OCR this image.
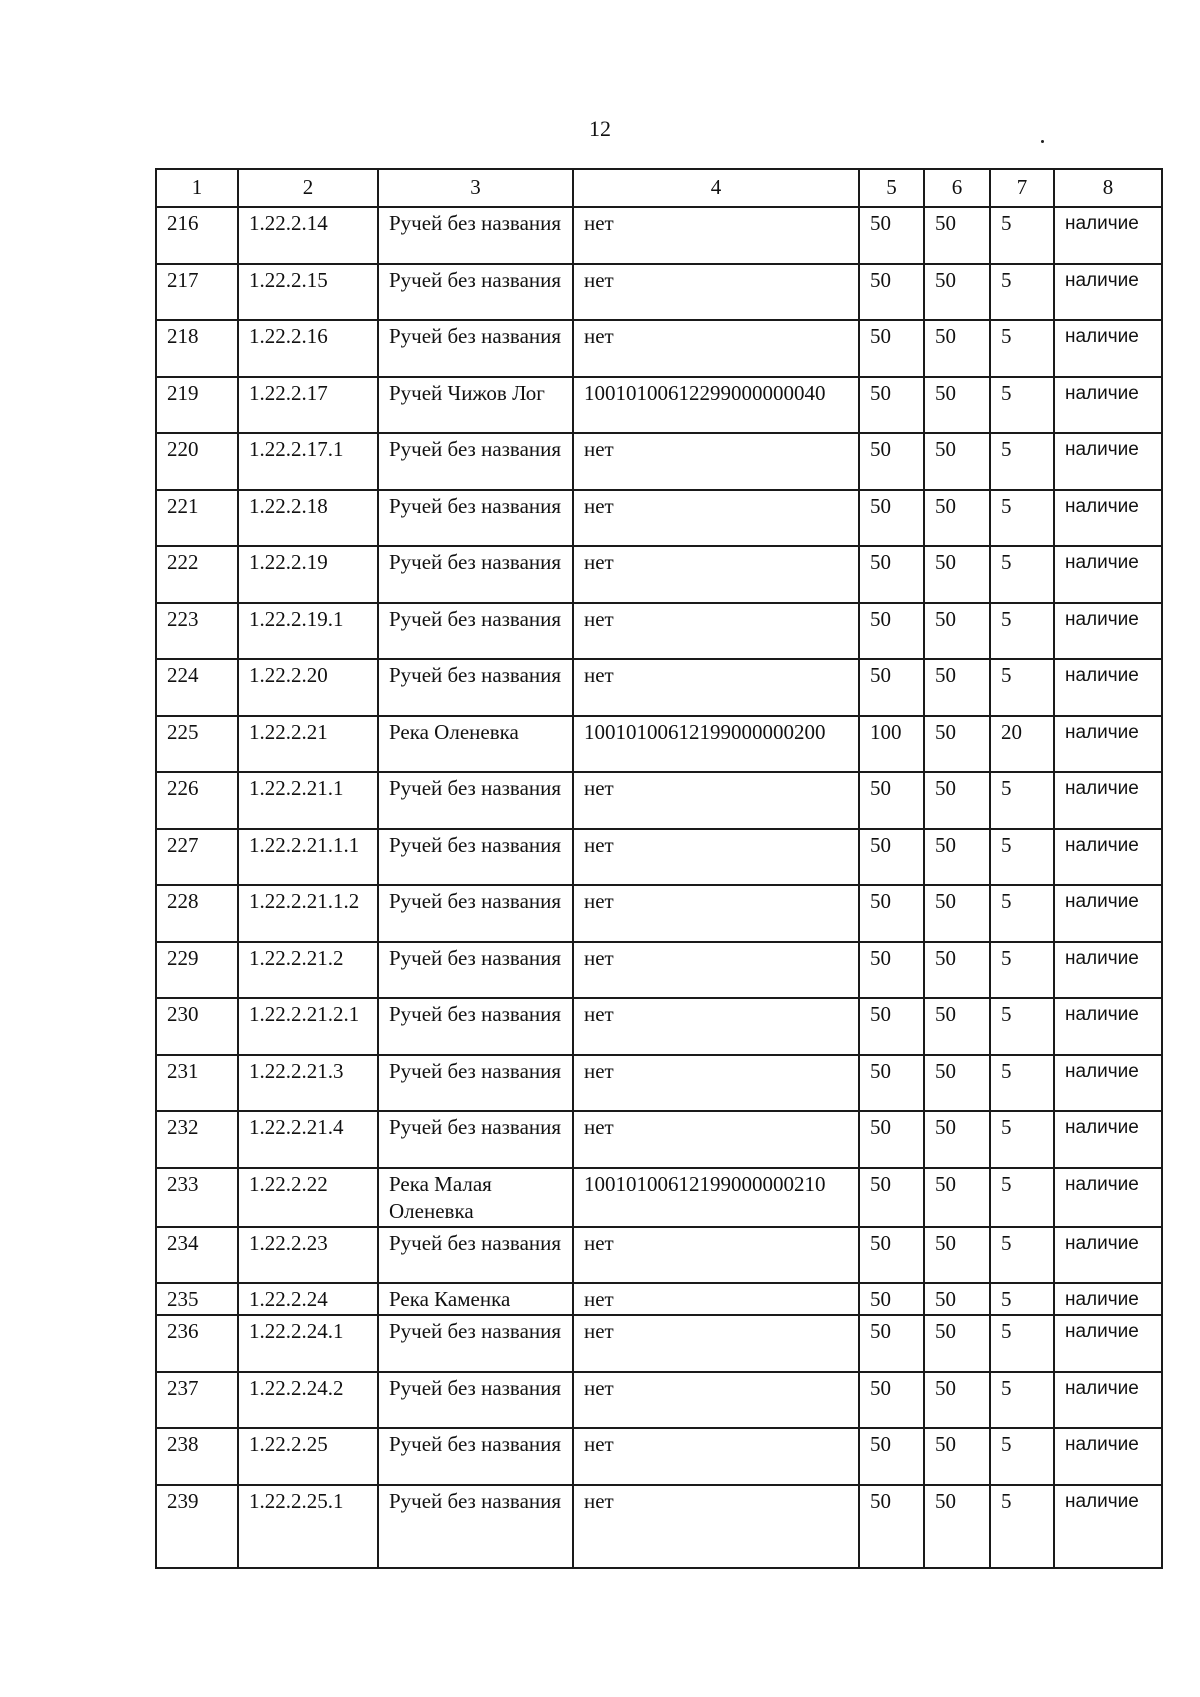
12
1	2	3	4	5	6	7	8
216	1.22.2.14	Ручей без названия	нет	50	50	5	наличие
217	1.22.2.15	Ручей без названия	нет	50	50	5	наличие
218	1.22.2.16	Ручей без названия	нет	50	50	5	наличие
219	1.22.2.17	Ручей Чижов Лог	10010100612299000000040	50	50	5	наличие
220	1.22.2.17.1	Ручей без названия	нет	50	50	5	наличие
221	1.22.2.18	Ручей без названия	нет	50	50	5	наличие
222	1.22.2.19	Ручей без названия	нет	50	50	5	наличие
223	1.22.2.19.1	Ручей без названия	нет	50	50	5	наличие
224	1.22.2.20	Ручей без названия	нет	50	50	5	наличие
225	1.22.2.21	Река Оленевка	10010100612199000000200	100	50	20	наличие
226	1.22.2.21.1	Ручей без названия	нет	50	50	5	наличие
227	1.22.2.21.1.1	Ручей без названия	нет	50	50	5	наличие
228	1.22.2.21.1.2	Ручей без названия	нет	50	50	5	наличие
229	1.22.2.21.2	Ручей без названия	нет	50	50	5	наличие
230	1.22.2.21.2.1	Ручей без названия	нет	50	50	5	наличие
231	1.22.2.21.3	Ручей без названия	нет	50	50	5	наличие
232	1.22.2.21.4	Ручей без названия	нет	50	50	5	наличие
233	1.22.2.22	Река Малая Оленевка	10010100612199000000210	50	50	5	наличие
234	1.22.2.23	Ручей без названия	нет	50	50	5	наличие
235	1.22.2.24	Река Каменка	нет	50	50	5	наличие
236	1.22.2.24.1	Ручей без названия	нет	50	50	5	наличие
237	1.22.2.24.2	Ручей без названия	нет	50	50	5	наличие
238	1.22.2.25	Ручей без названия	нет	50	50	5	наличие
239	1.22.2.25.1	Ручей без названия	нет	50	50	5	наличие
